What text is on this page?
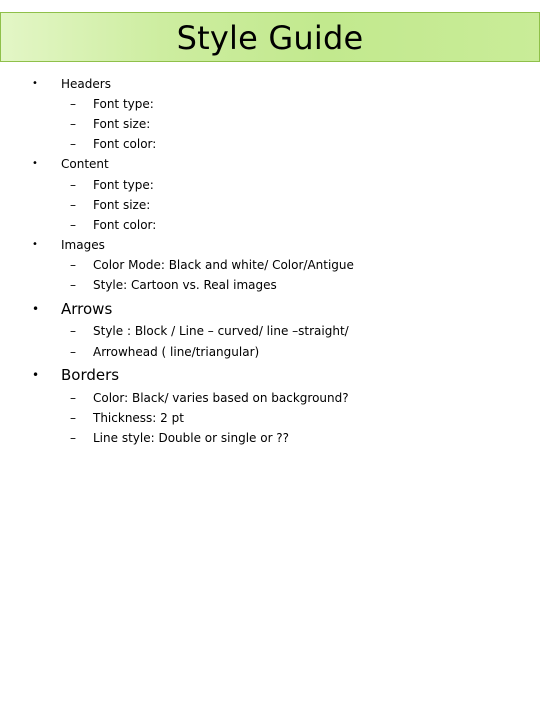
Style Guide
• Headers
– Font type:
– Font size:
– Font color:
• Content
– Font type:
– Font size:
– Font color:
• Images
– Color Mode: Black and white/ Color/Antigue
– Style: Cartoon vs. Real images
• Arrows
– Style : Block / Line – curved/ line –straight/
– Arrowhead ( line/triangular)
• Borders
– Color: Black/ varies based on background?
– Thickness: 2 pt
– Line style: Double or single or ??
